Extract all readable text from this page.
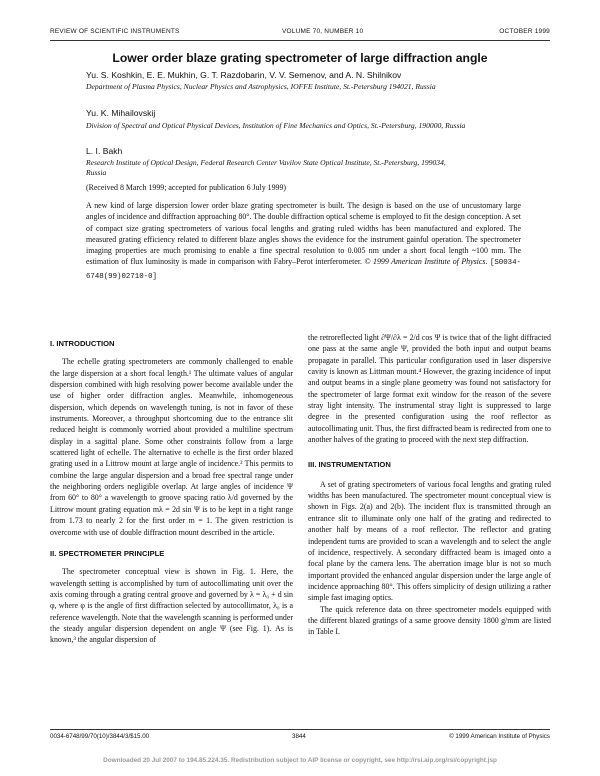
REVIEW OF SCIENTIFIC INSTRUMENTS	VOLUME 70, NUMBER 10	OCTOBER 1999
Lower order blaze grating spectrometer of large diffraction angle
Yu. S. Koshkin, E. E. Mukhin, G. T. Razdobarin, V. V. Semenov, and A. N. Shilnikov
Department of Plasma Physics, Nuclear Physics and Astrophysics, IOFFE Institute, St.-Petersburg 194021, Russia
Yu. K. Mihailovskij
Division of Spectral and Optical Physical Devices, Institution of Fine Mechanics and Optics, St.-Petersburg, 190000, Russia
L. I. Bakh
Research Institute of Optical Design, Federal Research Center Vavilov State Optical Institute, St.-Petersburg, 199034, Russia
(Received 8 March 1999; accepted for publication 6 July 1999)
A new kind of large dispersion lower order blaze grating spectrometer is built. The design is based on the use of uncustomary large angles of incidence and diffraction approaching 80°. The double diffraction optical scheme is employed to fit the design conception. A set of compact size grating spectrometers of various focal lengths and grating ruled widths has been manufactured and explored. The measured grating efficiency related to different blaze angles shows the evidence for the instrument gainful operation. The spectrometer imaging properties are much promising to enable a fine spectral resolution to 0.005 nm under a short focal length ~100 mm. The estimation of flux luminosity is made in comparison with Fabry–Perot interferometer. © 1999 American Institute of Physics. [S0034-6748(99)02710-0]
I. INTRODUCTION

The echelle grating spectrometers are commonly challenged to enable the large dispersion at a short focal length.¹ The ultimate values of angular dispersion combined with high resolving power become available under the use of higher order diffraction angles. Meanwhile, inhomogeneous dispersion, which depends on wavelength tuning, is not in favor of these instruments. Moreover, a throughput shortcoming due to the entrance slit reduced height is commonly worried about provided a multiline spectrum display in a sagittal plane. Some other constraints follow from a large scattered light of echelle. The alternative to echelle is the first order blazed grating used in a Littrow mount at large angle of incidence.² This permits to combine the large angular dispersion and a broad free spectral range under the neighboring orders negligible overlap. At large angles of incidence Ψ from 60° to 80° a wavelength to groove spacing ratio λ/d governed by the Littrow mount grating equation mλ = 2d sin Ψ is to be kept in a tight range from 1.73 to nearly 2 for the first order m = 1. The given restriction is overcome with use of double diffraction mount described in the article.

II. SPECTROMETER PRINCIPLE

The spectrometer conceptual view is shown in Fig. 1. Here, the wavelength setting is accomplished by turn of autocollimating unit over the axis coming through a grating central groove and governed by λ = λ₀ + d sin φ, where φ is the angle of first diffraction selected by autocollimator, λ₀ is a reference wavelength. Note that the wavelength scanning is performed under the steady angular dispersion dependent on angle Ψ (see Fig. 1). As is known,³ the angular dispersion of

the retroreflected light ∂Ψ/∂λ = 2/d cos Ψ is twice that of the light diffracted one pass at the same angle Ψ, provided the both input and output beams propagate in parallel. This particular configuration used in laser dispersive cavity is known as Littman mount.⁴ However, the grazing incidence of input and output beams in a single plane geometry was found not satisfactory for the spectrometer of large format exit window for the reason of the severe stray light intensity. The instrumental stray light is suppressed to large degree in the presented configuration using the roof reflector as autocollimating unit. Thus, the first diffracted beam is redirected from one to another halves of the grating to proceed with the next step diffraction.

III. INSTRUMENTATION

A set of grating spectrometers of various focal lengths and grating ruled widths has been manufactured. The spectrometer mount conceptual view is shown in Figs. 2(a) and 2(b). The incident flux is transmitted through an entrance slit to illuminate only one half of the grating and redirected to another half by means of a roof reflector. The reflector and grating independent turns are provided to scan a wavelength and to select the angle of incidence, respectively. A secondary diffracted beam is imaged onto a focal plane by the camera lens. The aberration image blur is not so much important provided the enhanced angular dispersion under the large angle of incidence approaching 80°. This offers simplicity of design utilizing a rather simple fast imaging optics.

The quick reference data on three spectrometer models equipped with the different blazed gratings of a same groove density 1800 g/mm are listed in Table I.

0034-6748/99/70(10)/3844/3/$15.00	3844	© 1999 American Institute of Physics
Downloaded 20 Jul 2007 to 194.85.224.35. Redistribution subject to AIP license or copyright, see http://rsi.aip.org/rsi/copyright.jsp
